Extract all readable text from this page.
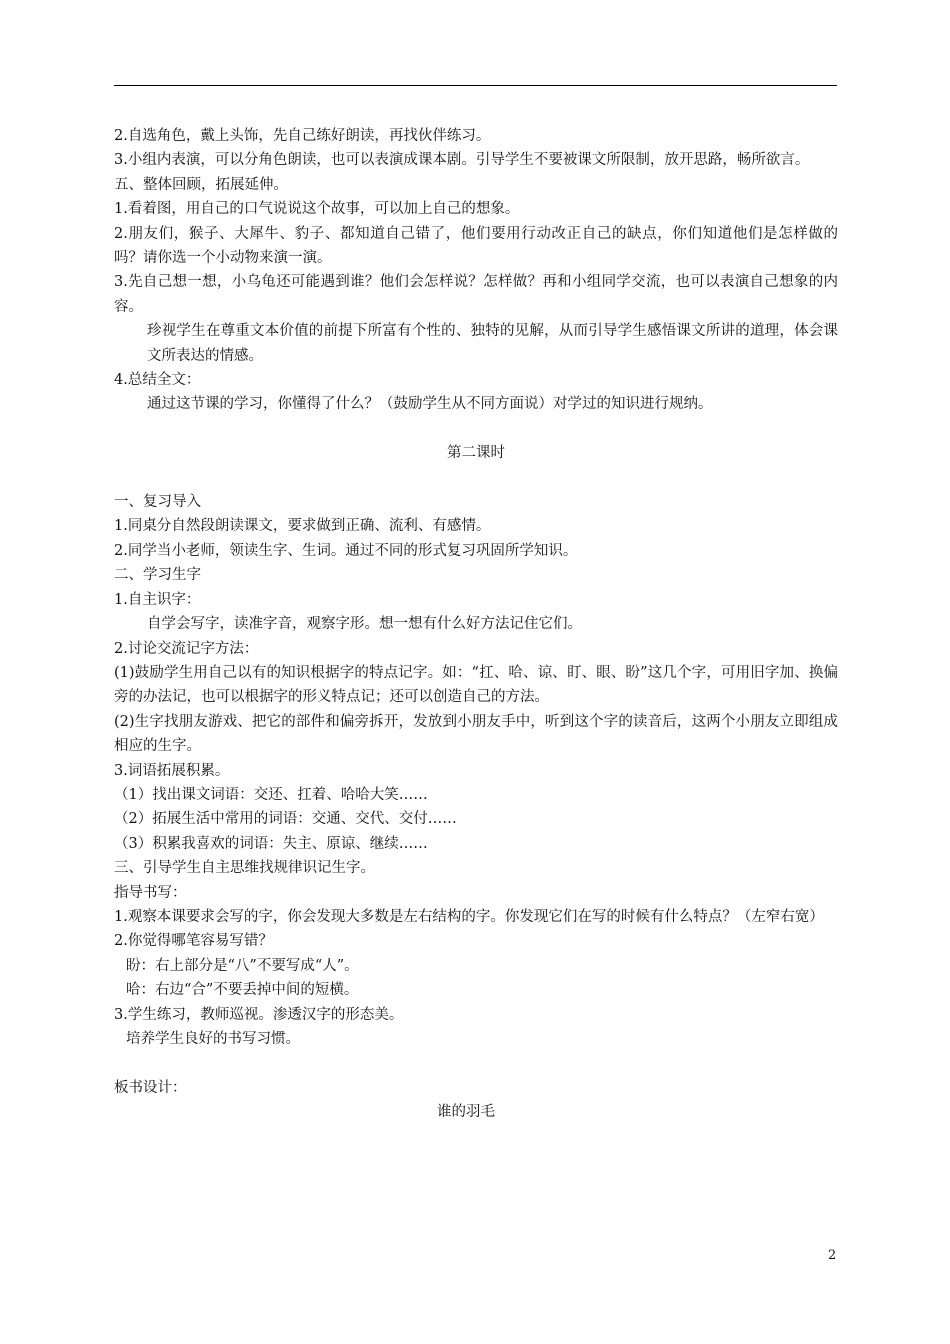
2.自选角色，戴上头饰，先自己练好朗读，再找伙伴练习。
3.小组内表演，可以分角色朗读，也可以表演成课本剧。引导学生不要被课文所限制，放开思路，畅所欲言。
五、整体回顾，拓展延伸。
1.看着图，用自己的口气说说这个故事，可以加上自己的想象。
2.朋友们，猴子、大犀牛、豹子、都知道自己错了，他们要用行动改正自己的缺点，你们知道他们是怎样做的吗？请你选一个小动物来演一演。
3.先自己想一想，小乌龟还可能遇到谁？他们会怎样说？怎样做？再和小组同学交流，也可以表演自己想象的内容。
珍视学生在尊重文本价值的前提下所富有个性的、独特的见解，从而引导学生感悟课文所讲的道理，体会课文所表达的情感。
4.总结全文：
通过这节课的学习，你懂得了什么？（鼓励学生从不同方面说）对学过的知识进行规纳。
第二课时
一、复习导入
1.同桌分自然段朗读课文，要求做到正确、流利、有感情。
2.同学当小老师，领读生字、生词。通过不同的形式复习巩固所学知识。
二、学习生字
1.自主识字：
自学会写字，读准字音，观察字形。想一想有什么好方法记住它们。
2.讨论交流记字方法：
(1)鼓励学生用自己以有的知识根据字的特点记字。如：“扛、哈、谅、盯、眼、盼”这几个字，可用旧字加、换偏旁的办法记，也可以根据字的形义特点记；还可以创造自己的方法。
(2)生字找朋友游戏、把它的部件和偏旁拆开，发放到小朋友手中，听到这个字的读音后，这两个小朋友立即组成相应的生字。
3.词语拓展积累。
（1）找出课文词语：交还、扛着、哈哈大笑……
（2）拓展生活中常用的词语：交通、交代、交付……
（3）积累我喜欢的词语：失主、原谅、继续……
三、引导学生自主思维找规律识记生字。
指导书写：
1.观察本课要求会写的字，你会发现大多数是左右结构的字。你发现它们在写的时候有什么特点？（左窄右宽）
2.你觉得哪笔容易写错？
盼：右上部分是“八”不要写成“人”。
哈：右边“合”不要丢掉中间的短横。
3.学生练习，教师巡视。渗透汉字的形态美。
培养学生良好的书写习惯。
板书设计：
谁的羽毛
2
